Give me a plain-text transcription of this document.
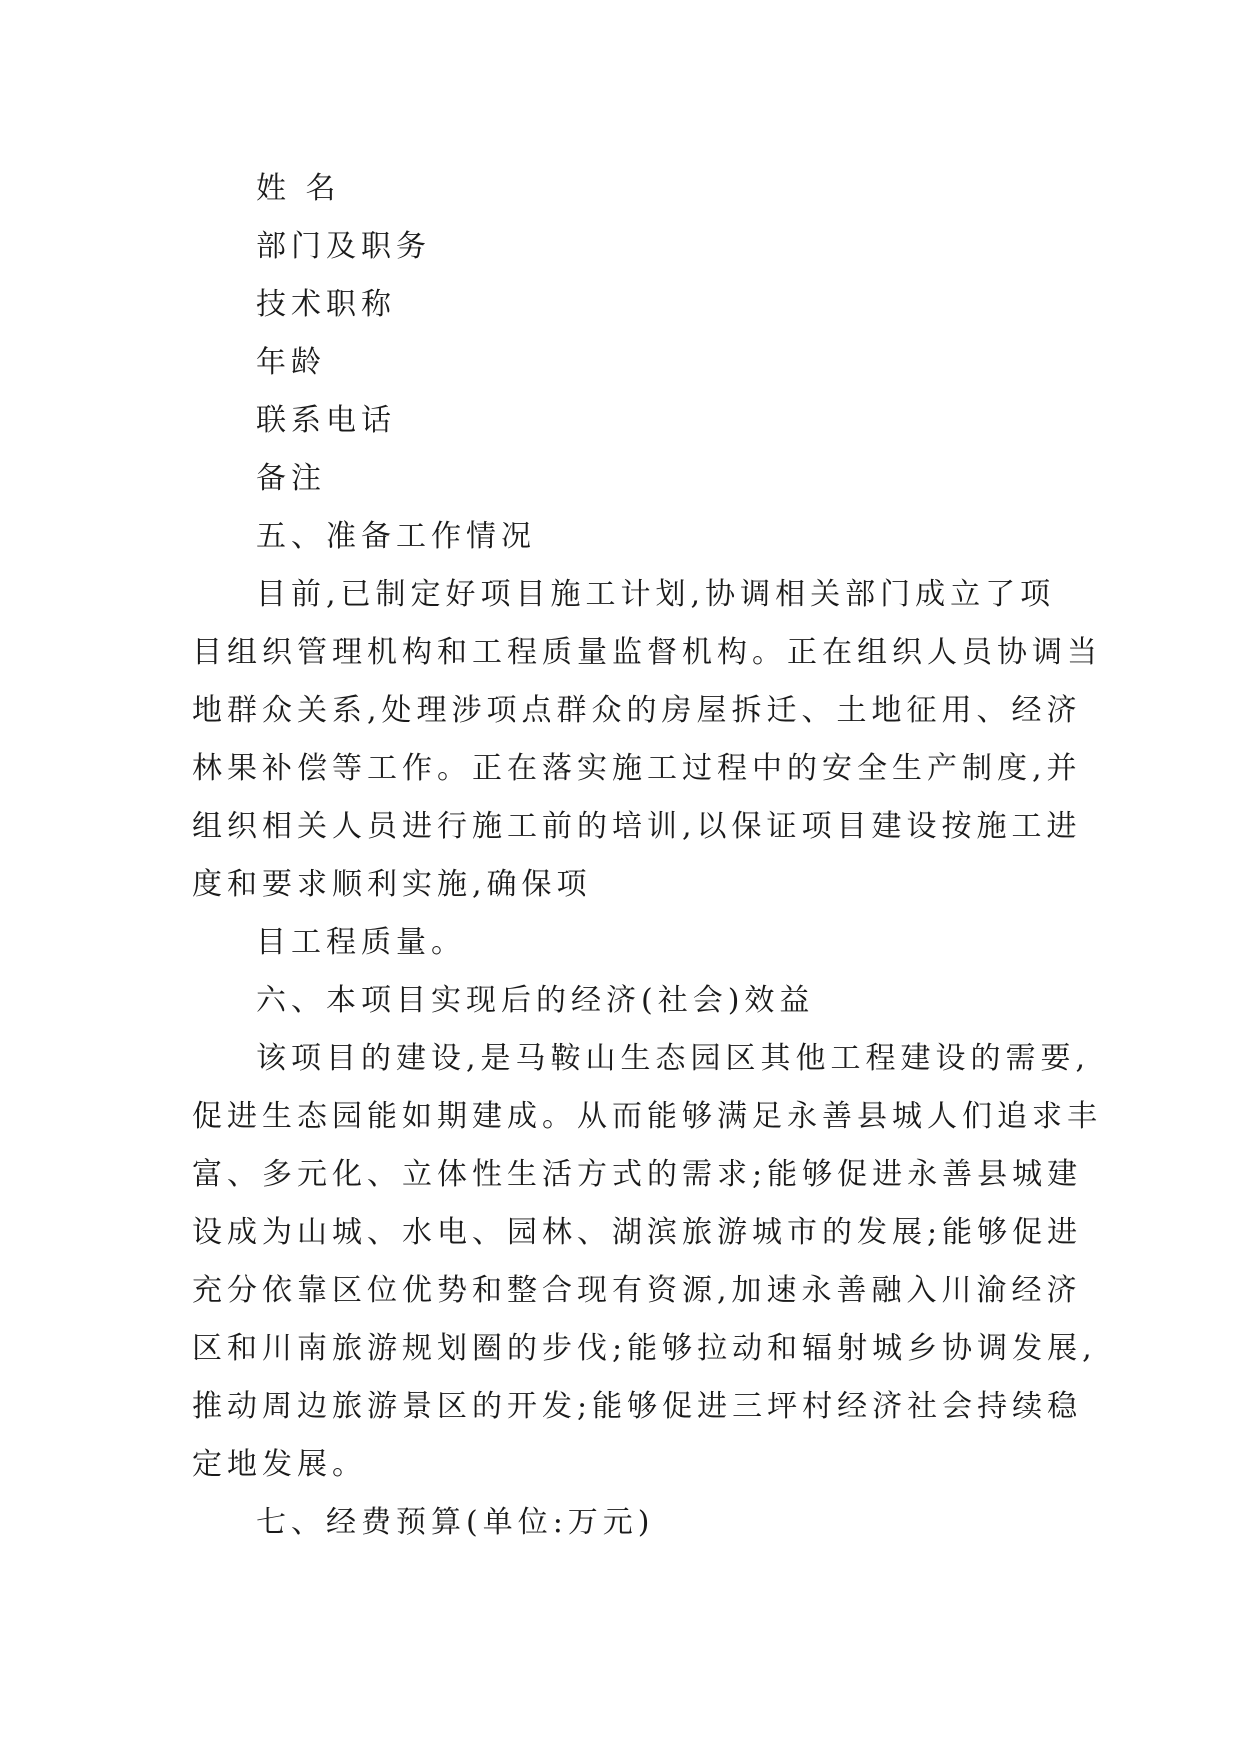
姓 名

部门及职务

技术职称

年龄

联系电话

备注

五、准备工作情况

目前,已制定好项目施工计划,协调相关部门成立了项
目组织管理机构和工程质量监督机构。正在组织人员协调当
地群众关系,处理涉项点群众的房屋拆迁、土地征用、经济
林果补偿等工作。正在落实施工过程中的安全生产制度,并
组织相关人员进行施工前的培训,以保证项目建设按施工进
度和要求顺利实施,确保项

目工程质量。

六、本项目实现后的经济(社会)效益

该项目的建设,是马鞍山生态园区其他工程建设的需要,
促进生态园能如期建成。从而能够满足永善县城人们追求丰
富、多元化、立体性生活方式的需求;能够促进永善县城建
设成为山城、水电、园林、湖滨旅游城市的发展;能够促进
充分依靠区位优势和整合现有资源,加速永善融入川渝经济
区和川南旅游规划圈的步伐;能够拉动和辐射城乡协调发展,
推动周边旅游景区的开发;能够促进三坪村经济社会持续稳
定地发展。

七、经费预算(单位:万元)
